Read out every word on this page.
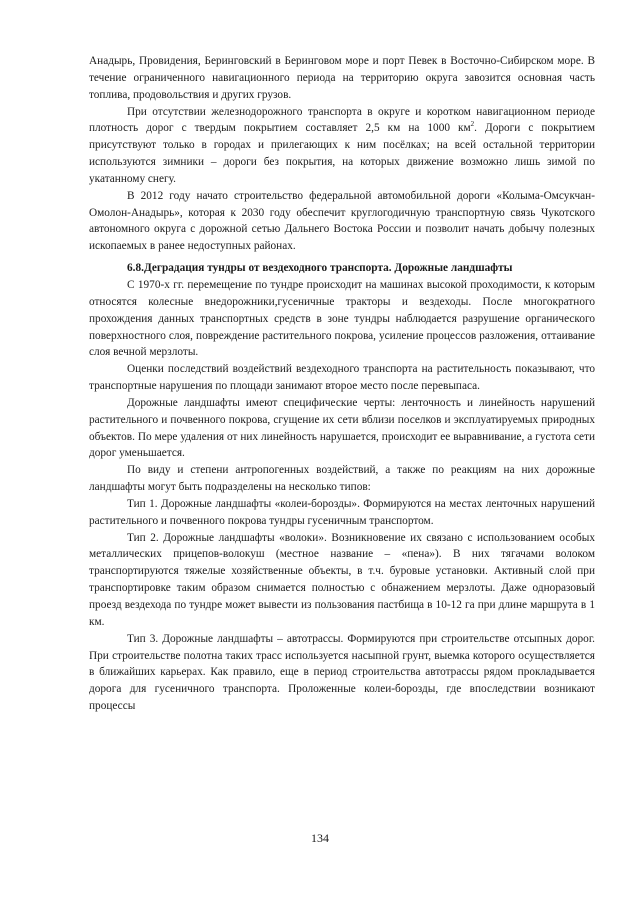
Анадырь, Провидения, Беринговский в Беринговом море и порт Певек в Восточно-Сибирском море. В течение ограниченного навигационного периода на территорию округа завозится основная часть топлива, продовольствия и других грузов.

При отсутствии железнодорожного транспорта в округе и коротком навигационном периоде плотность дорог с твердым покрытием составляет 2,5 км на 1000 $км^2$. Дороги с покрытием присутствуют только в городах и прилегающих к ним посёлках; на всей остальной территории используются зимники – дороги без покрытия, на которых движение возможно лишь зимой по укатанному снегу.

В 2012 году начато строительство федеральной автомобильной дороги «Колыма-Омсукчан-Омолон-Анадырь», которая к 2030 году обеспечит круглогодичную транспортную связь Чукотского автономного округа с дорожной сетью Дальнего Востока России и позволит начать добычу полезных ископаемых в ранее недоступных районах.

6.8.Деградация тундры от вездеходного транспорта. Дорожные ландшафты

С 1970-х гг. перемещение по тундре происходит на машинах высокой проходимости, к которым относятся колесные внедорожники,гусеничные тракторы и вездеходы. После многократного прохождения данных транспортных средств в зоне тундры наблюдается разрушение органического поверхностного слоя, повреждение растительного покрова, усиление процессов разложения, оттаивание слоя вечной мерзлоты.

Оценки последствий воздействий вездеходного транспорта на растительность показывают, что транспортные нарушения по площади занимают второе место после перевыпаса.

Дорожные ландшафты имеют специфические черты: ленточность и линейность нарушений растительного и почвенного покрова, сгущение их сети вблизи поселков и эксплуатируемых природных объектов. По мере удаления от них линейность нарушается, происходит ее выравнивание, а густота сети дорог уменьшается.

По виду и степени антропогенных воздействий, а также по реакциям на них дорожные ландшафты могут быть подразделены на несколько типов:

Тип 1. Дорожные ландшафты «колеи-борозды». Формируются на местах ленточных нарушений растительного и почвенного покрова тундры гусеничным транспортом.

Тип 2. Дорожные ландшафты «волоки». Возникновение их связано с использованием особых металлических прицепов-волокуш (местное название – «пена»). В них тягачами волоком транспортируются тяжелые хозяйственные объекты, в т.ч. буровые установки. Активный слой при транспортировке таким образом снимается полностью с обнажением мерзлоты. Даже одноразовый проезд вездехода по тундре может вывести из пользования пастбища в 10-12 га при длине маршрута в 1 км.

Тип 3. Дорожные ландшафты – автотрассы. Формируются при строительстве отсыпных дорог. При строительстве полотна таких трасс используется насыпной грунт, выемка которого осуществляется в ближайших карьерах. Как правило, еще в период строительства автотрассы рядом прокладывается дорога для гусеничного транспорта. Проложенные колеи-борозды, где впоследствии возникают процессы

134
